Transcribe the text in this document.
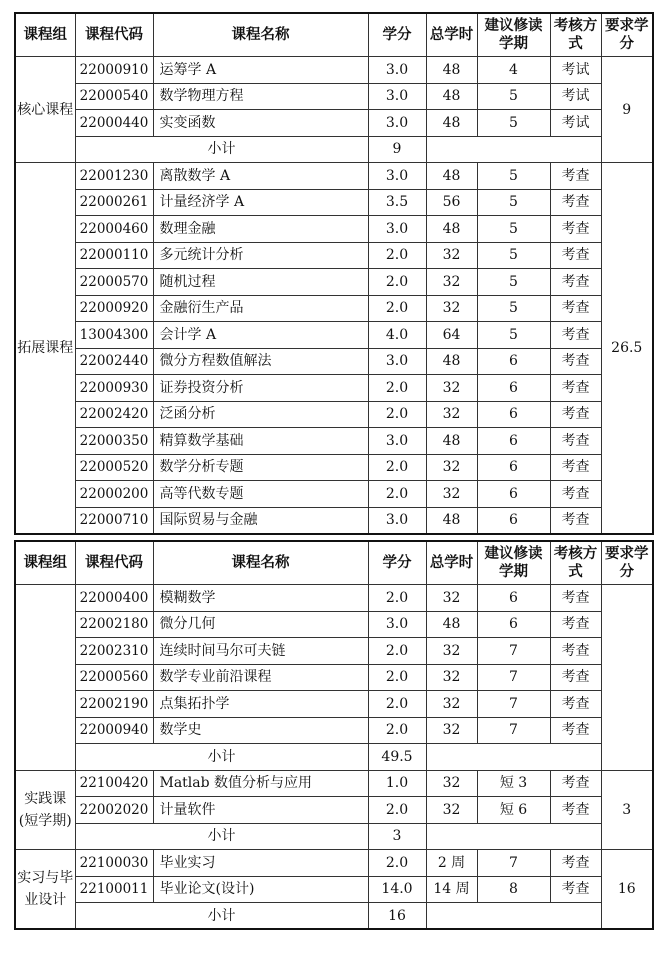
课程组	课程代码	课程名称	学分	总学时	建议修读学期	考核方式	要求学分
核心课程	22000910	运筹学 A	3.0	48	4	考试	9
	22000540	数学物理方程	3.0	48	5	考试	
	22000440	实变函数	3.0	48	5	考试	
	小计		9				
拓展课程	22001230	离散数学 A	3.0	48	5	考查	26.5
	22000261	计量经济学 A	3.5	56	5	考查	
	22000460	数理金融	3.0	48	5	考查	
	22000110	多元统计分析	2.0	32	5	考查	
	22000570	随机过程	2.0	32	5	考查	
	22000920	金融衍生产品	2.0	32	5	考查	
	13004300	会计学 A	4.0	64	5	考查	
	22002440	微分方程数值解法	3.0	48	6	考查	
	22000930	证券投资分析	2.0	32	6	考查	
	22002420	泛函分析	2.0	32	6	考查	
	22000350	精算数学基础	3.0	48	6	考查	
	22000520	数学分析专题	2.0	32	6	考查	
	22000200	高等代数专题	2.0	32	6	考查	
	22000710	国际贸易与金融	3.0	48	6	考查	
课程组	课程代码	课程名称	学分	总学时	建议修读学期	考核方式	要求学分
	22000400	模糊数学	2.0	32	6	考查	
	22002180	微分几何	3.0	48	6	考查	
	22002310	连续时间马尔可夫链	2.0	32	7	考查	
	22000560	数学专业前沿课程	2.0	32	7	考查	
	22002190	点集拓扑学	2.0	32	7	考查	
	22000940	数学史	2.0	32	7	考查	
	小计		49.5				
实践课(短学期)	22100420	Matlab 数值分析与应用	1.0	32	短 3	考查	3
	22002020	计量软件	2.0	32	短 6	考查	
	小计		3				
实习与毕业设计	22100030	毕业实习	2.0	2 周	7	考查	16
	22100011	毕业论文(设计)	14.0	14 周	8	考查	
	小计		16				
